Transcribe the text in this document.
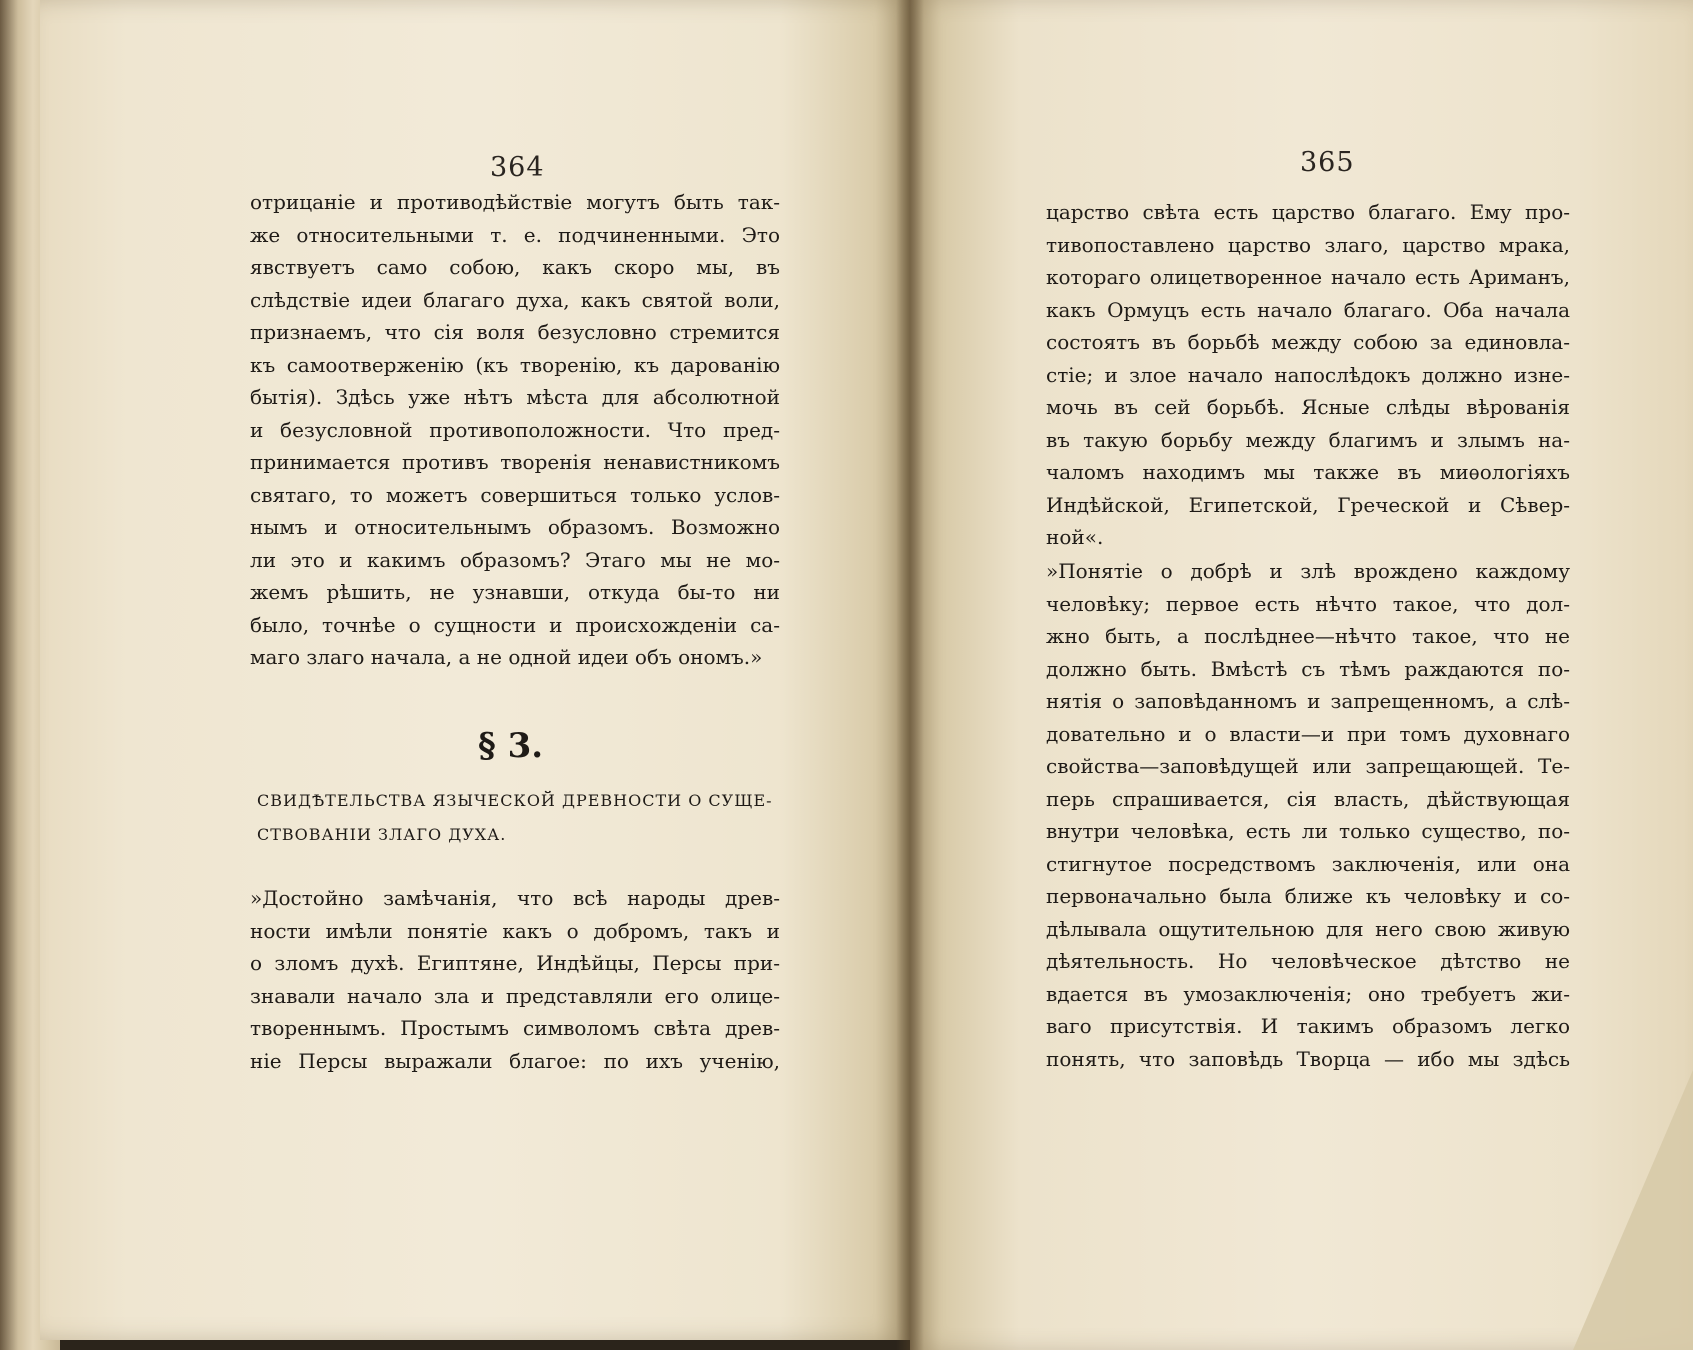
364
отрицаніе и противодѣйствіе могутъ быть так-
же относительными т. е. подчиненными. Это
явствуетъ само собою, какъ скоро мы, въ
слѣдствіе идеи благаго духа, какъ святой воли,
признаемъ, что сія воля безусловно стремится
къ самоотверженію (къ творенію, къ дарованію
бытія). Здѣсь уже нѣтъ мѣста для абсолютной
и безусловной противоположности. Что пред-
принимается противъ творенія ненавистникомъ
святаго, то можетъ совершиться только услов-
нымъ и относительнымъ образомъ. Возможно
ли это и какимъ образомъ? Этаго мы не мо-
жемъ рѣшить, не узнавши, откуда бы-то ни
было, точнѣе о сущности и происхожденіи са-
маго злаго начала, а не одной идеи объ ономъ.»
§ 3.
СВИДѢТЕЛЬСТВА ЯЗЫЧЕСКОЙ ДРЕВНОСТИ О СУЩЕ-
СТВОВАНІИ ЗЛАГО ДУХА.
»Достойно замѣчанія, что всѣ народы древ-
ности имѣли понятіе какъ о добромъ, такъ и
о зломъ духѣ. Египтяне, Индѣйцы, Персы при-
знавали начало зла и представляли его олице-
твореннымъ. Простымъ символомъ свѣта древ-
ніе Персы выражали благое: по ихъ ученію,
365
царство свѣта есть царство благаго. Ему про-
тивопоставлено царство злаго, царство мрака,
котораго олицетворенное начало есть Ариманъ,
какъ Ормуцъ есть начало благаго. Оба начала
состоятъ въ борьбѣ между собою за единовла-
стіе; и злое начало напослѣдокъ должно изне-
мочь въ сей борьбѣ. Ясные слѣды вѣрованія
въ такую борьбу между благимъ и злымъ на-
чаломъ находимъ мы также въ миѳологіяхъ
Индѣйской, Египетской, Греческой и Сѣвер-
ной«.
»Понятіе о добрѣ и злѣ врождено каждому
человѣку; первое есть нѣчто такое, что дол-
жно быть, а послѣднее—нѣчто такое, что не
должно быть. Вмѣстѣ съ тѣмъ раждаются по-
нятія о заповѣданномъ и запрещенномъ, а слѣ-
довательно и о власти—и при томъ духовнаго
свойства—заповѣдущей или запрещающей. Те-
перь спрашивается, сія власть, дѣйствующая
внутри человѣка, есть ли только существо, по-
стигнутое посредствомъ заключенія, или она
первоначально была ближе къ человѣку и со-
дѣлывала ощутительною для него свою живую
дѣятельность. Но человѣческое дѣтство не
вдается въ умозаключенія; оно требуетъ жи-
ваго присутствія. И такимъ образомъ легко
понять, что заповѣдь Творца — ибо мы здѣсь
